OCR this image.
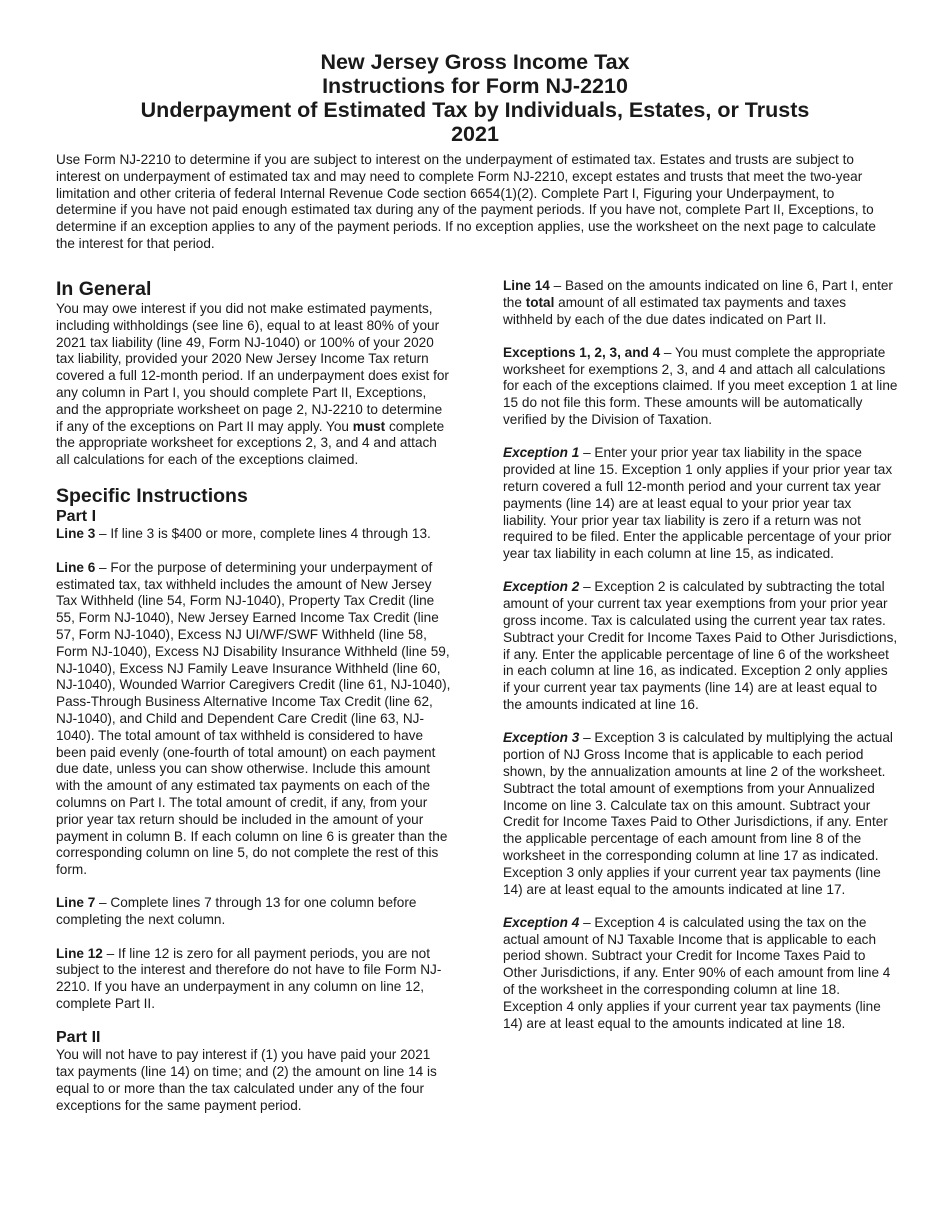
New Jersey Gross Income Tax

Instructions for Form NJ-2210

Underpayment of Estimated Tax by Individuals, Estates, or Trusts

2021

Use Form NJ-2210 to determine if you are subject to interest on the underpayment of estimated tax. Estates and trusts are subject to interest on underpayment of estimated tax and may need to complete Form NJ-2210, except estates and trusts that meet the two-year limitation and other criteria of federal Internal Revenue Code section 6654(1)(2). Complete Part I, Figuring your Underpayment, to determine if you have not paid enough estimated tax during any of the payment periods. If you have not, complete Part II, Exceptions, to determine if an exception applies to any of the payment periods. If no exception applies, use the worksheet on the next page to calculate the interest for that period.

In General

You may owe interest if you did not make estimated payments, including withholdings (see line 6), equal to at least 80% of your 2021 tax liability (line 49, Form NJ-1040) or 100% of your 2020 tax liability, provided your 2020 New Jersey Income Tax return covered a full 12-month period. If an underpayment does exist for any column in Part I, you should complete Part II, Exceptions, and the appropriate worksheet on page 2, NJ-2210 to determine if any of the exceptions on Part II may apply. You must complete the appropriate worksheet for exceptions 2, 3, and 4 and attach all calculations for each of the exceptions claimed.

Specific Instructions
Part I

Line 3 – If line 3 is $400 or more, complete lines 4 through 13.

Line 6 – For the purpose of determining your underpayment of estimated tax, tax withheld includes the amount of New Jersey Tax Withheld (line 54, Form NJ-1040), Property Tax Credit (line 55, Form NJ-1040), New Jersey Earned Income Tax Credit (line 57, Form NJ-1040), Excess NJ UI/WF/SWF Withheld (line 58, Form NJ-1040), Excess NJ Disability Insurance Withheld (line 59, NJ-1040), Excess NJ Family Leave Insurance Withheld (line 60, NJ-1040), Wounded Warrior Caregivers Credit (line 61, NJ-1040), Pass-Through Business Alternative Income Tax Credit (line 62, NJ-1040), and Child and Dependent Care Credit (line 63, NJ-1040). The total amount of tax withheld is considered to have been paid evenly (one-fourth of total amount) on each payment due date, unless you can show otherwise. Include this amount with the amount of any estimated tax payments on each of the columns on Part I. The total amount of credit, if any, from your prior year tax return should be included in the amount of your payment in column B. If each column on line 6 is greater than the corresponding column on line 5, do not complete the rest of this form.

Line 7 – Complete lines 7 through 13 for one column before completing the next column.

Line 12 – If line 12 is zero for all payment periods, you are not subject to the interest and therefore do not have to file Form NJ-2210. If you have an underpayment in any column on line 12, complete Part II.

Part II

You will not have to pay interest if (1) you have paid your 2021 tax payments (line 14) on time; and (2) the amount on line 14 is equal to or more than the tax calculated under any of the four exceptions for the same payment period.

Line 14 – Based on the amounts indicated on line 6, Part I, enter the total amount of all estimated tax payments and taxes withheld by each of the due dates indicated on Part II.

Exceptions 1, 2, 3, and 4 – You must complete the appropriate worksheet for exemptions 2, 3, and 4 and attach all calculations for each of the exceptions claimed. If you meet exception 1 at line 15 do not file this form. These amounts will be automatically verified by the Division of Taxation.

Exception 1 – Enter your prior year tax liability in the space provided at line 15. Exception 1 only applies if your prior year tax return covered a full 12-month period and your current tax year payments (line 14) are at least equal to your prior year tax liability. Your prior year tax liability is zero if a return was not required to be filed. Enter the applicable percentage of your prior year tax liability in each column at line 15, as indicated.

Exception 2 – Exception 2 is calculated by subtracting the total amount of your current tax year exemptions from your prior year gross income. Tax is calculated using the current year tax rates. Subtract your Credit for Income Taxes Paid to Other Jurisdictions, if any. Enter the applicable percentage of line 6 of the worksheet in each column at line 16, as indicated. Exception 2 only applies if your current year tax payments (line 14) are at least equal to the amounts indicated at line 16.

Exception 3 – Exception 3 is calculated by multiplying the actual portion of NJ Gross Income that is applicable to each period shown, by the annualization amounts at line 2 of the worksheet. Subtract the total amount of exemptions from your Annualized Income on line 3. Calculate tax on this amount. Subtract your Credit for Income Taxes Paid to Other Jurisdictions, if any. Enter the applicable percentage of each amount from line 8 of the worksheet in the corresponding column at line 17 as indicated. Exception 3 only applies if your current year tax payments (line 14) are at least equal to the amounts indicated at line 17.

Exception 4 – Exception 4 is calculated using the tax on the actual amount of NJ Taxable Income that is applicable to each period shown. Subtract your Credit for Income Taxes Paid to Other Jurisdictions, if any. Enter 90% of each amount from line 4 of the worksheet in the corresponding column at line 18. Exception 4 only applies if your current year tax payments (line 14) are at least equal to the amounts indicated at line 18.
